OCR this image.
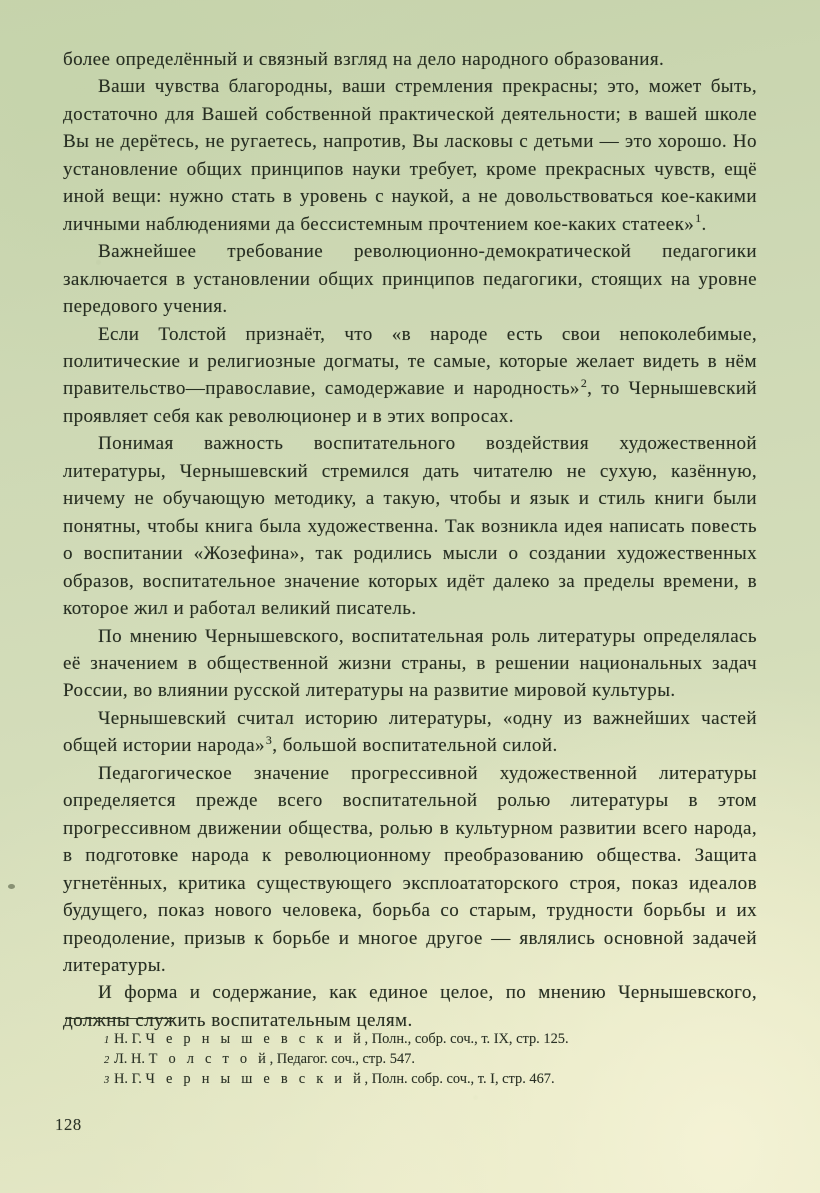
более определённый и связный взгляд на дело народного образования.

Ваши чувства благородны, ваши стремления прекрасны; это, может быть, достаточно для Вашей собственной практической деятельности; в вашей школе Вы не дерётесь, не ругаетесь, напротив, Вы ласковы с детьми — это хорошо. Но установление общих принципов науки требует, кроме прекрасных чувств, ещё иной вещи: нужно стать в уровень с наукой, а не довольствоваться кое-какими личными наблюдениями да бессистемным прочтением кое-каких статеек»$^1$.

Важнейшее требование революционно-демократической педагогики заключается в установлении общих принципов педагогики, стоящих на уровне передового учения.

Если Толстой признаёт, что «в народе есть свои непоколебимые, политические и религиозные догматы, те самые, которые желает видеть в нём правительство—православие, самодержавие и народность»$^2$, то Чернышевский проявляет себя как революционер и в этих вопросах.

Понимая важность воспитательного воздействия художественной литературы, Чернышевский стремился дать читателю не сухую, казённую, ничему не обучающую методику, а такую, чтобы и язык и стиль книги были понятны, чтобы книга была художественна. Так возникла идея написать повесть о воспитании «Жозефина», так родились мысли о создании художественных образов, воспитательное значение которых идёт далеко за пределы времени, в которое жил и работал великий писатель.

По мнению Чернышевского, воспитательная роль литературы определялась её значением в общественной жизни страны, в решении национальных задач России, во влиянии русской литературы на развитие мировой культуры.

Чернышевский считал историю литературы, «одну из важнейших частей общей истории народа»$^3$, большой воспитательной силой.

Педагогическое значение прогрессивной художественной литературы определяется прежде всего воспитательной ролью литературы в этом прогрессивном движении общества, ролью в культурном развитии всего народа, в подготовке народа к революционному преобразованию общества. Защита угнетённых, критика существующего эксплоататорского строя, показ идеалов будущего, показ нового человека, борьба со старым, трудности борьбы и их преодоление, призыв к борьбе и многое другое — являлись основной задачей литературы.

И форма и содержание, как единое целое, по мнению Чернышевского, должны служить воспитательным целям.

1 Н. Г. Ч е р н ы ш е в с к и й, Полн., собр. соч., т. IX, стр. 125.
2 Л. Н. Т о л с т о й, Педагог. соч., стр. 547.
3 Н. Г. Ч е р н ы ш е в с к и й, Полн. собр. соч., т. I, стр. 467.
128
